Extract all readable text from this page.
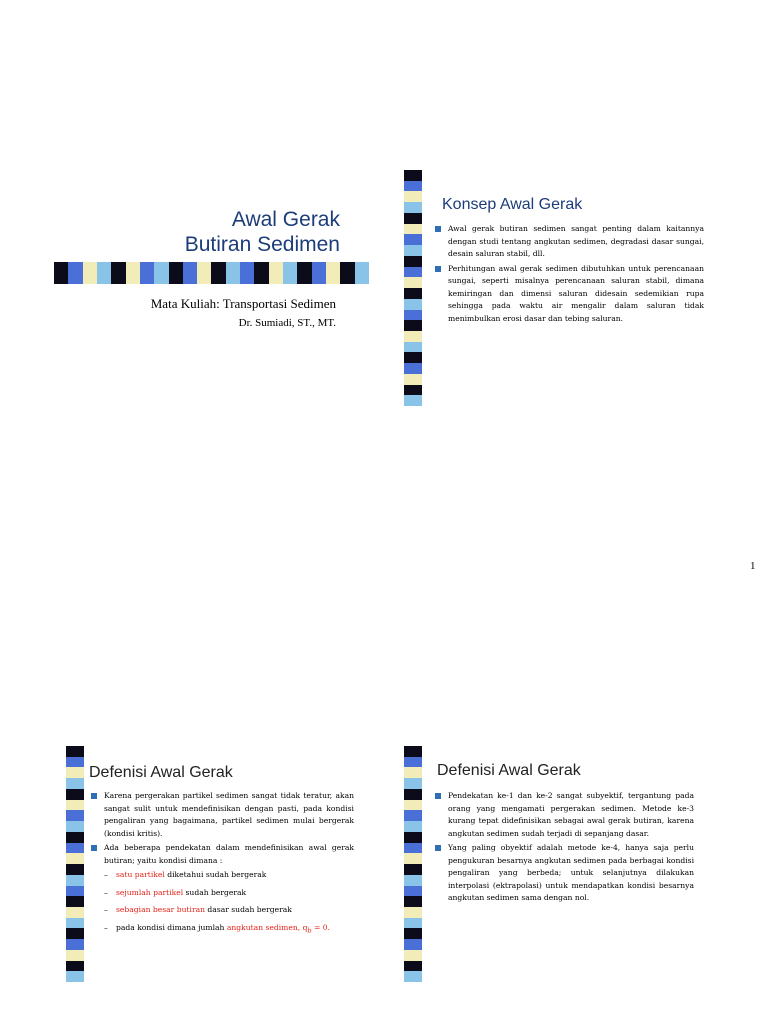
Awal Gerak
Butiran Sedimen
Mata Kuliah: Transportasi Sedimen
Dr. Sumiadi, ST., MT.
Konsep Awal Gerak
Awal gerak butiran sedimen sangat penting dalam kaitannya dengan studi tentang angkutan sedimen, degradasi dasar sungai, desain saluran stabil, dll.
Perhitungan awal gerak sedimen dibutuhkan untuk perencanaan sungai, seperti misalnya perencanaan saluran stabil, dimana kemiringan dan dimensi saluran didesain sedemikian rupa sehingga pada waktu air mengalir dalam saluran tidak menimbulkan erosi dasar dan tebing saluran.
1
Defenisi Awal Gerak
Karena pergerakan partikel sedimen sangat tidak teratur, akan sangat sulit untuk mendefinisikan dengan pasti, pada kondisi pengaliran yang bagaimana, partikel sedimen mulai bergerak (kondisi kritis).
Ada beberapa pendekatan dalam mendefinisikan awal gerak butiran; yaitu kondisi dimana :
– satu partikel diketahui sudah bergerak
– sejumlah partikel sudah bergerak
– sebagian besar butiran dasar sudah bergerak
– pada kondisi dimana jumlah angkutan sedimen, $q_b = 0$.
Defenisi Awal Gerak
Pendekatan ke-1 dan ke-2 sangat subyektif, tergantung pada orang yang mengamati pergerakan sedimen. Metode ke-3 kurang tepat didefinisikan sebagai awal gerak butiran, karena angkutan sedimen sudah terjadi di sepanjang dasar.
Yang paling obyektif adalah metode ke-4, hanya saja perlu pengukuran besarnya angkutan sedimen pada berbagai kondisi pengaliran yang berbeda; untuk selanjutnya dilakukan interpolasi (ektrapolasi) untuk mendapatkan kondisi besarnya angkutan sedimen sama dengan nol.
